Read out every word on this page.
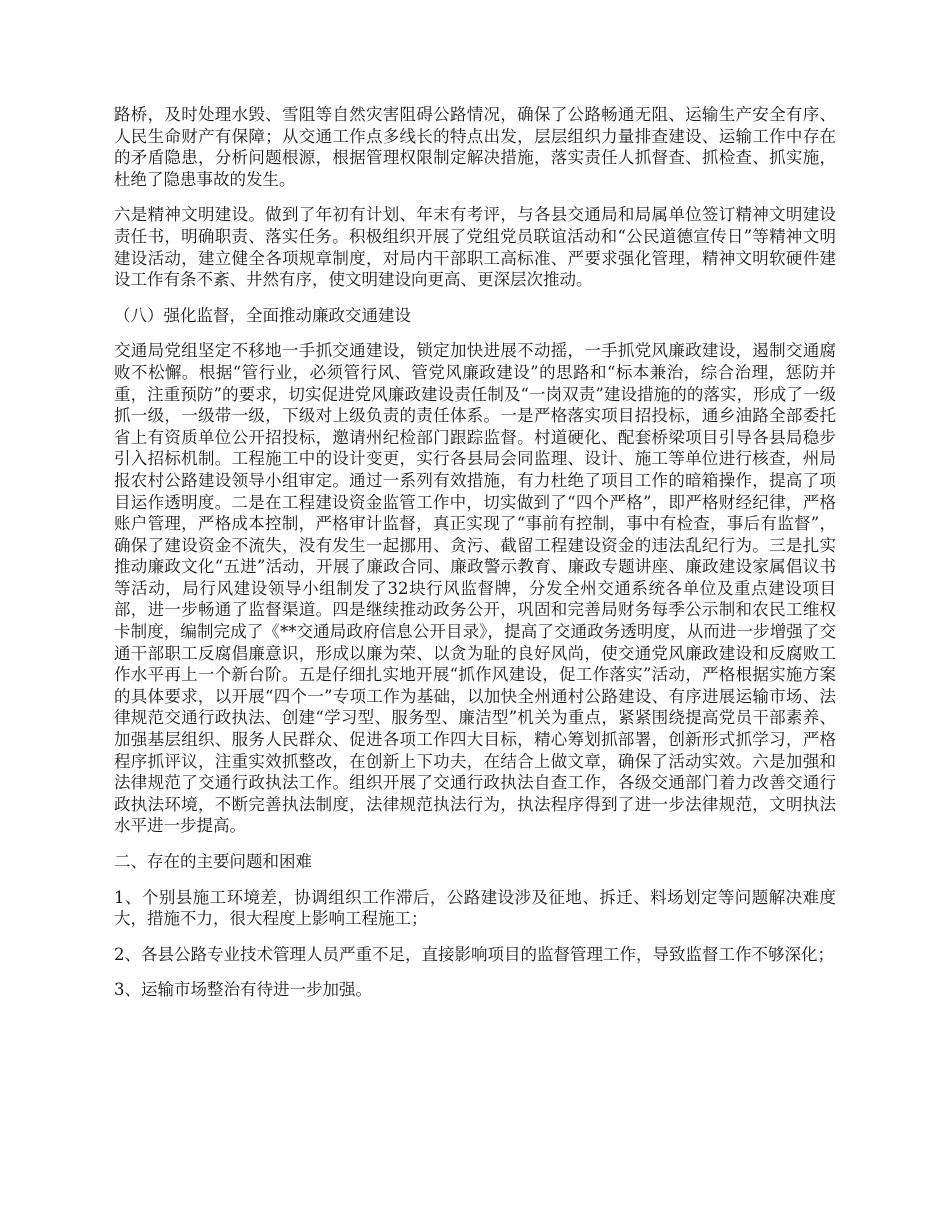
路桥，及时处理水毁、雪阻等自然灾害阻碍公路情况，确保了公路畅通无阻、运输生产安全有序、人民生命财产有保障；从交通工作点多线长的特点出发，层层组织力量排查建设、运输工作中存在的矛盾隐患，分析问题根源，根据管理权限制定解决措施，落实责任人抓督查、抓检查、抓实施，杜绝了隐患事故的发生。

六是精神文明建设。做到了年初有计划、年末有考评，与各县交通局和局属单位签订精神文明建设责任书，明确职责、落实任务。积极组织开展了党组党员联谊活动和“公民道德宣传日”等精神文明建设活动，建立健全各项规章制度，对局内干部职工高标准、严要求强化管理，精神文明软硬件建设工作有条不紊、井然有序，使文明建设向更高、更深层次推动。

（八）强化监督，全面推动廉政交通建设

交通局党组坚定不移地一手抓交通建设，锁定加快进展不动摇，一手抓党风廉政建设，遏制交通腐败不松懈。根据“管行业，必须管行风、管党风廉政建设”的思路和“标本兼治，综合治理，惩防并重，注重预防”的要求，切实促进党风廉政建设责任制及“一岗双责”建设措施的的落实，形成了一级抓一级，一级带一级，下级对上级负责的责任体系。一是严格落实项目招投标，通乡油路全部委托省上有资质单位公开招投标，邀请州纪检部门跟踪监督。村道硬化、配套桥梁项目引导各县局稳步引入招标机制。工程施工中的设计变更，实行各县局会同监理、设计、施工等单位进行核查，州局报农村公路建设领导小组审定。通过一系列有效措施，有力杜绝了项目工作的暗箱操作，提高了项目运作透明度。二是在工程建设资金监管工作中，切实做到了“四个严格”，即严格财经纪律，严格账户管理，严格成本控制，严格审计监督，真正实现了“事前有控制，事中有检查，事后有监督”，确保了建设资金不流失，没有发生一起挪用、贪污、截留工程建设资金的违法乱纪行为。三是扎实推动廉政文化“五进”活动，开展了廉政合同、廉政警示教育、廉政专题讲座、廉政建设家属倡议书等活动，局行风建设领导小组制发了32块行风监督牌，分发全州交通系统各单位及重点建设项目部，进一步畅通了监督渠道。四是继续推动政务公开，巩固和完善局财务每季公示制和农民工维权卡制度，编制完成了《**交通局政府信息公开目录》，提高了交通政务透明度，从而进一步增强了交通干部职工反腐倡廉意识，形成以廉为荣、以贪为耻的良好风尚，使交通党风廉政建设和反腐败工作水平再上一个新台阶。五是仔细扎实地开展“抓作风建设，促工作落实”活动，严格根据实施方案的具体要求，以开展“四个一”专项工作为基础，以加快全州通村公路建设、有序进展运输市场、法律规范交通行政执法、创建“学习型、服务型、廉洁型”机关为重点，紧紧围绕提高党员干部素养、加强基层组织、服务人民群众、促进各项工作四大目标，精心筹划抓部署，创新形式抓学习，严格程序抓评议，注重实效抓整改，在创新上下功夫，在结合上做文章，确保了活动实效。六是加强和法律规范了交通行政执法工作。组织开展了交通行政执法自查工作，各级交通部门着力改善交通行政执法环境，不断完善执法制度，法律规范执法行为，执法程序得到了进一步法律规范，文明执法水平进一步提高。

二、存在的主要问题和困难

1、个别县施工环境差，协调组织工作滞后，公路建设涉及征地、拆迁、料场划定等问题解决难度大，措施不力，很大程度上影响工程施工；

2、各县公路专业技术管理人员严重不足，直接影响项目的监督管理工作，导致监督工作不够深化；

3、运输市场整治有待进一步加强。
